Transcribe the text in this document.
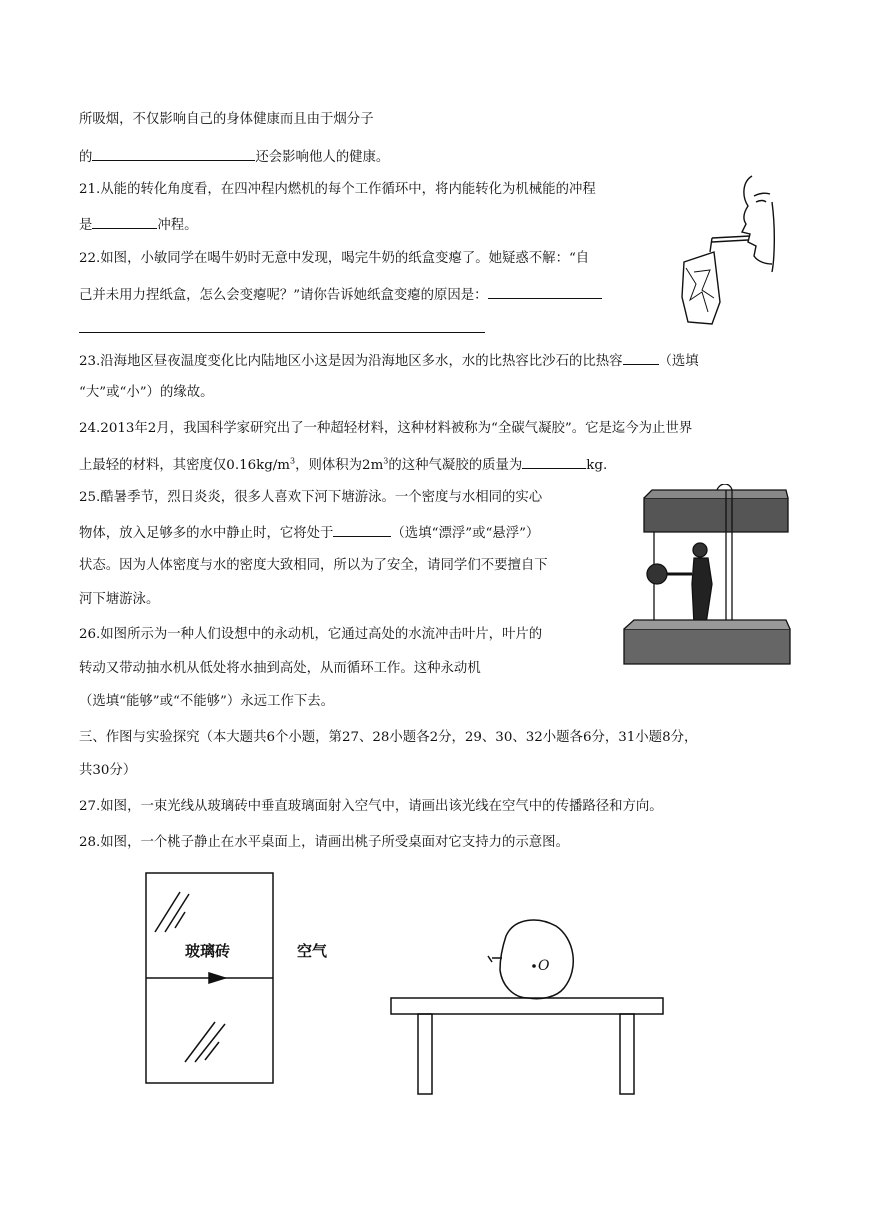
所吸烟，不仅影响自己的身体健康而且由于烟分子
的	还会影响他人的健康。
21.从能的转化角度看，在四冲程内燃机的每个工作循环中，将内能转化为机械能的冲程
是	冲程。
22.如图，小敏同学在喝牛奶时无意中发现，喝完牛奶的纸盒变瘪了。她疑惑不解：“自
己并未用力捏纸盒，怎么会变瘪呢？”请你告诉她纸盒变瘪的原因是：
23.沿海地区昼夜温度变化比内陆地区小这是因为沿海地区多水，水的比热容比沙石的比热容	（选填
“大”或“小”）的缘故。
24.2013年2月，我国科学家研究出了一种超轻材料，这种材料被称为“全碳气凝胶”。它是迄今为止世界
上最轻的材料，其密度仅$0.16kg/m^3$，则体积为$2m^3$的这种气凝胶的质量为	kg.
25.酷暑季节，烈日炎炎，很多人喜欢下河下塘游泳。一个密度与水相同的实心
物体，放入足够多的水中静止时，它将处于	（选填“漂浮”或“悬浮”）
状态。因为人体密度与水的密度大致相同，所以为了安全，请同学们不要擅自下
河下塘游泳。
26.如图所示为一种人们设想中的永动机，它通过高处的水流冲击叶片，叶片的
转动又带动抽水机从低处将水抽到高处，从而循环工作。这种永动机
（选填“能够”或“不能够”）永远工作下去。
三、作图与实验探究（本大题共6个小题，第27、28小题各2分，29、30、32小题各6分，31小题8分，
共30分）
27.如图，一束光线从玻璃砖中垂直玻璃面射入空气中，请画出该光线在空气中的传播路径和方向。
28.如图，一个桃子静止在水平桌面上，请画出桃子所受桌面对它支持力的示意图。
玻璃砖	空气
O
